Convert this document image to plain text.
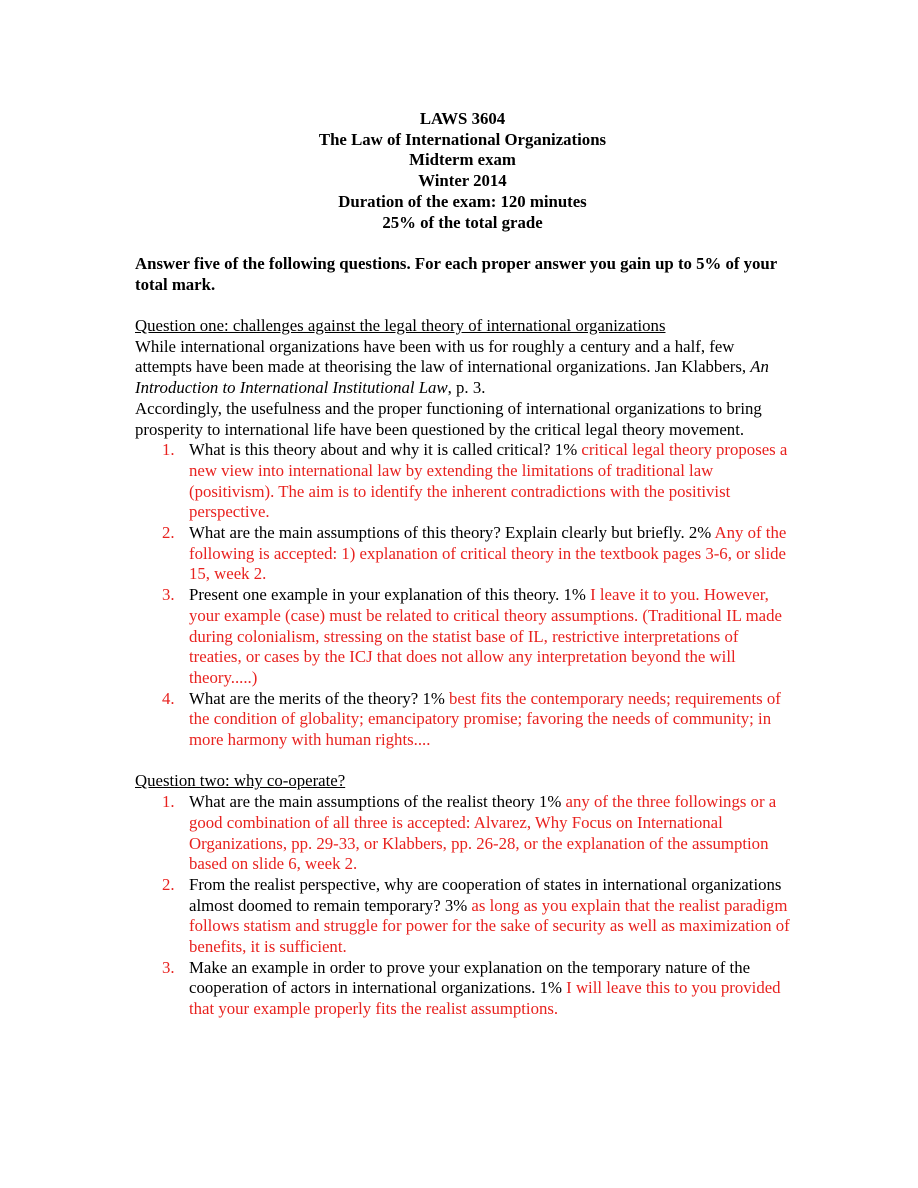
LAWS 3604
The Law of International Organizations
Midterm exam
Winter 2014
Duration of the exam: 120 minutes
25% of the total grade

Answer five of the following questions. For each proper answer you gain up to 5% of your total mark.

Question one: challenges against the legal theory of international organizations

While international organizations have been with us for roughly a century and a half, few attempts have been made at theorising the law of international organizations. Jan Klabbers, An Introduction to International Institutional Law, p. 3.

Accordingly, the usefulness and the proper functioning of international organizations to bring prosperity to international life have been questioned by the critical legal theory movement.

1. What is this theory about and why it is called critical? 1% critical legal theory proposes a new view into international law by extending the limitations of traditional law (positivism). The aim is to identify the inherent contradictions with the positivist perspective.
2. What are the main assumptions of this theory? Explain clearly but briefly. 2% Any of the following is accepted: 1) explanation of critical theory in the textbook pages 3-6, or slide 15, week 2.
3. Present one example in your explanation of this theory. 1% I leave it to you. However, your example (case) must be related to critical theory assumptions. (Traditional IL made during colonialism, stressing on the statist base of IL, restrictive interpretations of treaties, or cases by the ICJ that does not allow any interpretation beyond the will theory.....)
4. What are the merits of the theory? 1% best fits the contemporary needs; requirements of the condition of globality; emancipatory promise; favoring the needs of community; in more harmony with human rights....

Question two: why co-operate?

1. What are the main assumptions of the realist theory 1% any of the three followings or a good combination of all three is accepted: Alvarez, Why Focus on International Organizations, pp. 29-33, or Klabbers, pp. 26-28, or the explanation of the assumption based on slide 6, week 2.
2. From the realist perspective, why are cooperation of states in international organizations almost doomed to remain temporary? 3% as long as you explain that the realist paradigm follows statism and struggle for power for the sake of security as well as maximization of benefits, it is sufficient.
3. Make an example in order to prove your explanation on the temporary nature of the cooperation of actors in international organizations. 1% I will leave this to you provided that your example properly fits the realist assumptions.
